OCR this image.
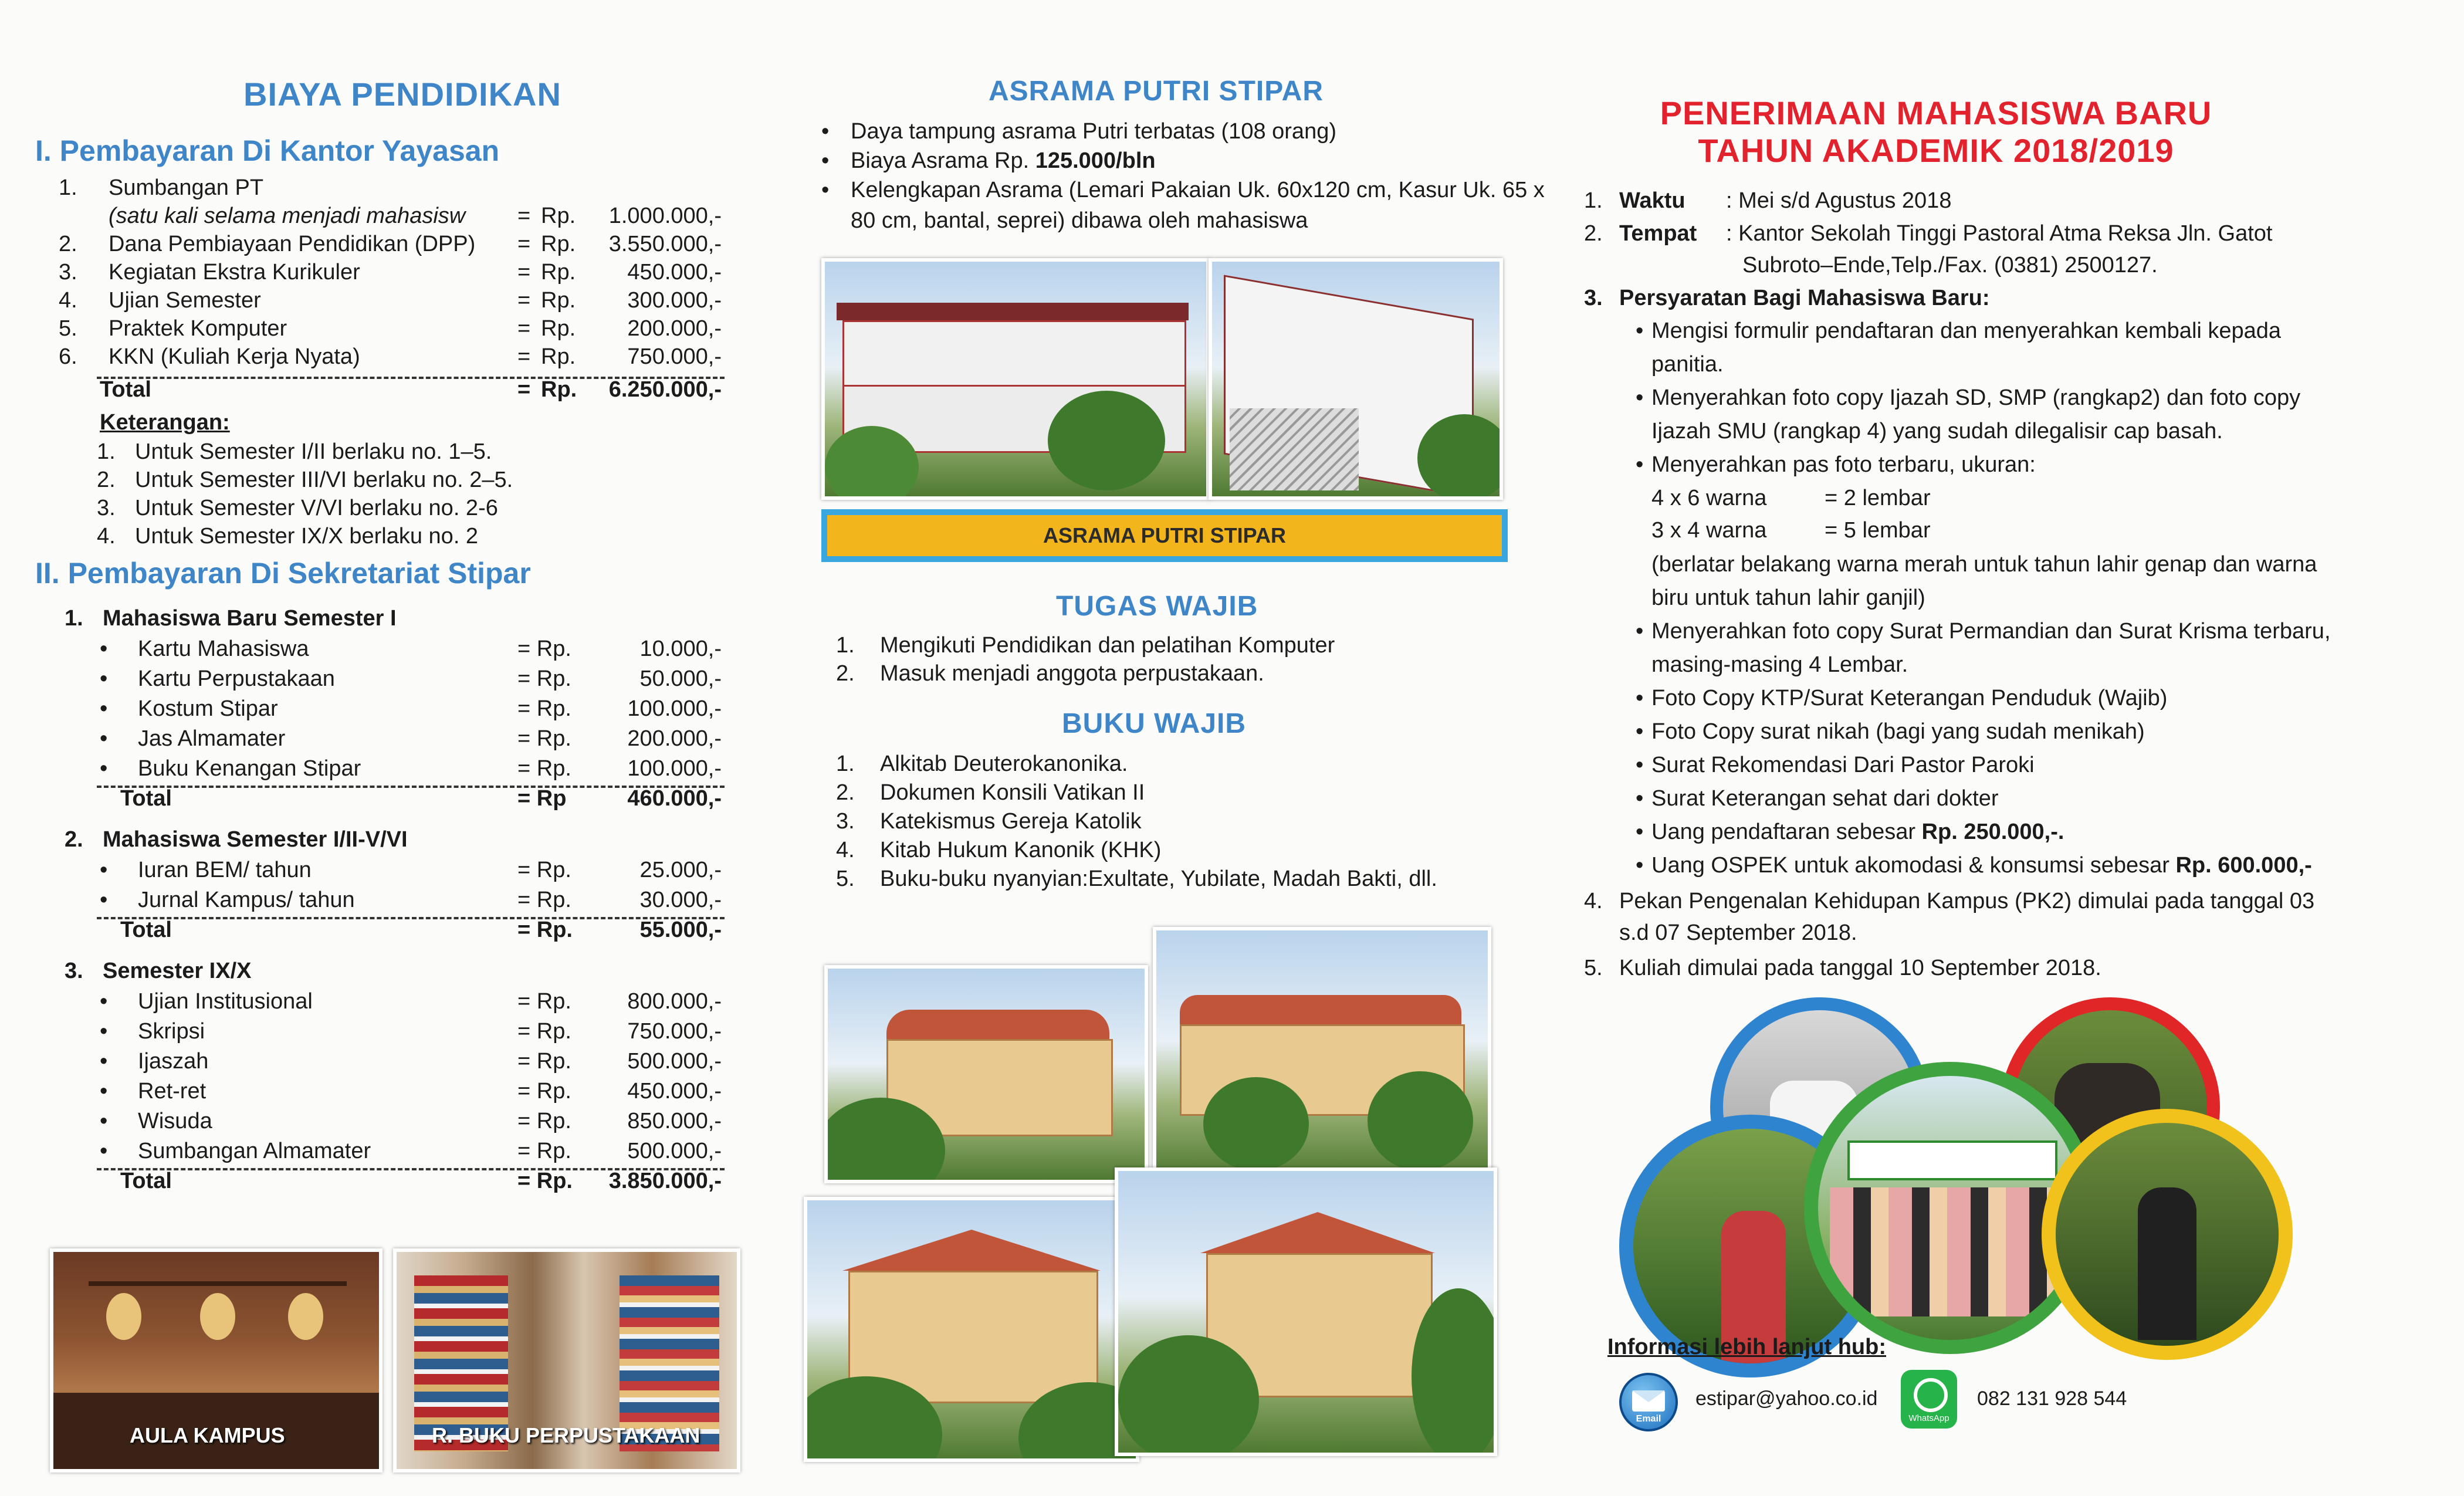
BIAYA PENDIDIKAN
I. Pembayaran Di Kantor Yayasan
1. Sumbangan PT
(satu kali selama menjadi mahasisw = Rp.	1.000.000,-
2. Dana Pembiayaan Pendidikan (DPP) = Rp.	3.550.000,-
3. Kegiatan Ekstra Kurikuler	= Rp.	450.000,-
4. Ujian Semester	= Rp.	300.000,-
5. Praktek Komputer	= Rp.	200.000,-
6. KKN (Kuliah Kerja Nyata)	= Rp.	750.000,-
Total	= Rp.	6.250.000,-
Keterangan:
1. Untuk Semester I/II berlaku no. 1–5.
2. Untuk Semester III/VI berlaku no. 2–5.
3. Untuk Semester V/VI berlaku no. 2-6
4. Untuk Semester IX/X berlaku no. 2
II. Pembayaran Di Sekretariat Stipar
1. Mahasiswa Baru Semester I
• Kartu Mahasiswa	= Rp.	10.000,-
• Kartu Perpustakaan	= Rp.	50.000,-
• Kostum Stipar	= Rp.	100.000,-
• Jas Almamater	= Rp.	200.000,-
• Buku Kenangan Stipar	= Rp.	100.000,-
Total	= Rp	460.000,-
2. Mahasiswa Semester I/II-V/VI
• Iuran BEM/ tahun	= Rp.	25.000,-
• Jurnal Kampus/ tahun	= Rp.	30.000,-
Total	= Rp.	55.000,-
3. Semester IX/X
• Ujian Institusional	= Rp.	800.000,-
• Skripsi	= Rp.	750.000,-
• Ijaszah	= Rp.	500.000,-
• Ret-ret	= Rp.	450.000,-
• Wisuda	= Rp.	850.000,-
• Sumbangan Almamater	= Rp.	500.000,-
Total	= Rp.	3.850.000,-
AULA KAMPUS	R. BUKU PERPUSTAKAAN
ASRAMA PUTRI STIPAR
• Daya tampung asrama Putri terbatas (108 orang)
• Biaya Asrama Rp. 125.000/bln
• Kelengkapan Asrama (Lemari Pakaian Uk. 60x120 cm, Kasur Uk. 65 x
80 cm, bantal, seprei) dibawa oleh mahasiswa
ASRAMA PUTRI STIPAR
TUGAS WAJIB
1. Mengikuti Pendidikan dan pelatihan Komputer
2. Masuk menjadi anggota perpustakaan.
BUKU WAJIB
1. Alkitab Deuterokanonika.
2. Dokumen Konsili Vatikan II
3. Katekismus Gereja Katolik
4. Kitab Hukum Kanonik (KHK)
5. Buku-buku nyanyian:Exultate, Yubilate, Madah Bakti, dll.
PENERIMAAN MAHASISWA BARU
TAHUN AKADEMIK 2018/2019
1. Waktu : Mei s/d Agustus 2018
2. Tempat : Kantor Sekolah Tinggi Pastoral Atma Reksa Jln. Gatot
Subroto–Ende,Telp./Fax. (0381) 2500127.
3. Persyaratan Bagi Mahasiswa Baru:
• Mengisi formulir pendaftaran dan menyerahkan kembali kepada
panitia.
• Menyerahkan foto copy Ijazah SD, SMP (rangkap2) dan foto copy
Ijazah SMU (rangkap 4) yang sudah dilegalisir cap basah.
• Menyerahkan pas foto terbaru, ukuran:
4 x 6 warna	= 2 lembar
3 x 4 warna	= 5 lembar
(berlatar belakang warna merah untuk tahun lahir genap dan warna
biru untuk tahun lahir ganjil)
• Menyerahkan foto copy Surat Permandian dan Surat Krisma terbaru,
masing-masing 4 Lembar.
• Foto Copy KTP/Surat Keterangan Penduduk (Wajib)
• Foto Copy surat nikah (bagi yang sudah menikah)
• Surat Rekomendasi Dari Pastor Paroki
• Surat Keterangan sehat dari dokter
• Uang pendaftaran sebesar Rp. 250.000,-.
• Uang OSPEK untuk akomodasi & konsumsi sebesar Rp. 600.000,-
4. Pekan Pengenalan Kehidupan Kampus (PK2) dimulai pada tanggal 03
s.d 07 September 2018.
5. Kuliah dimulai pada tanggal 10 September 2018.
Informasi lebih lanjut hub:
Email
estipar@yahoo.co.id
WhatsApp
082 131 928 544
